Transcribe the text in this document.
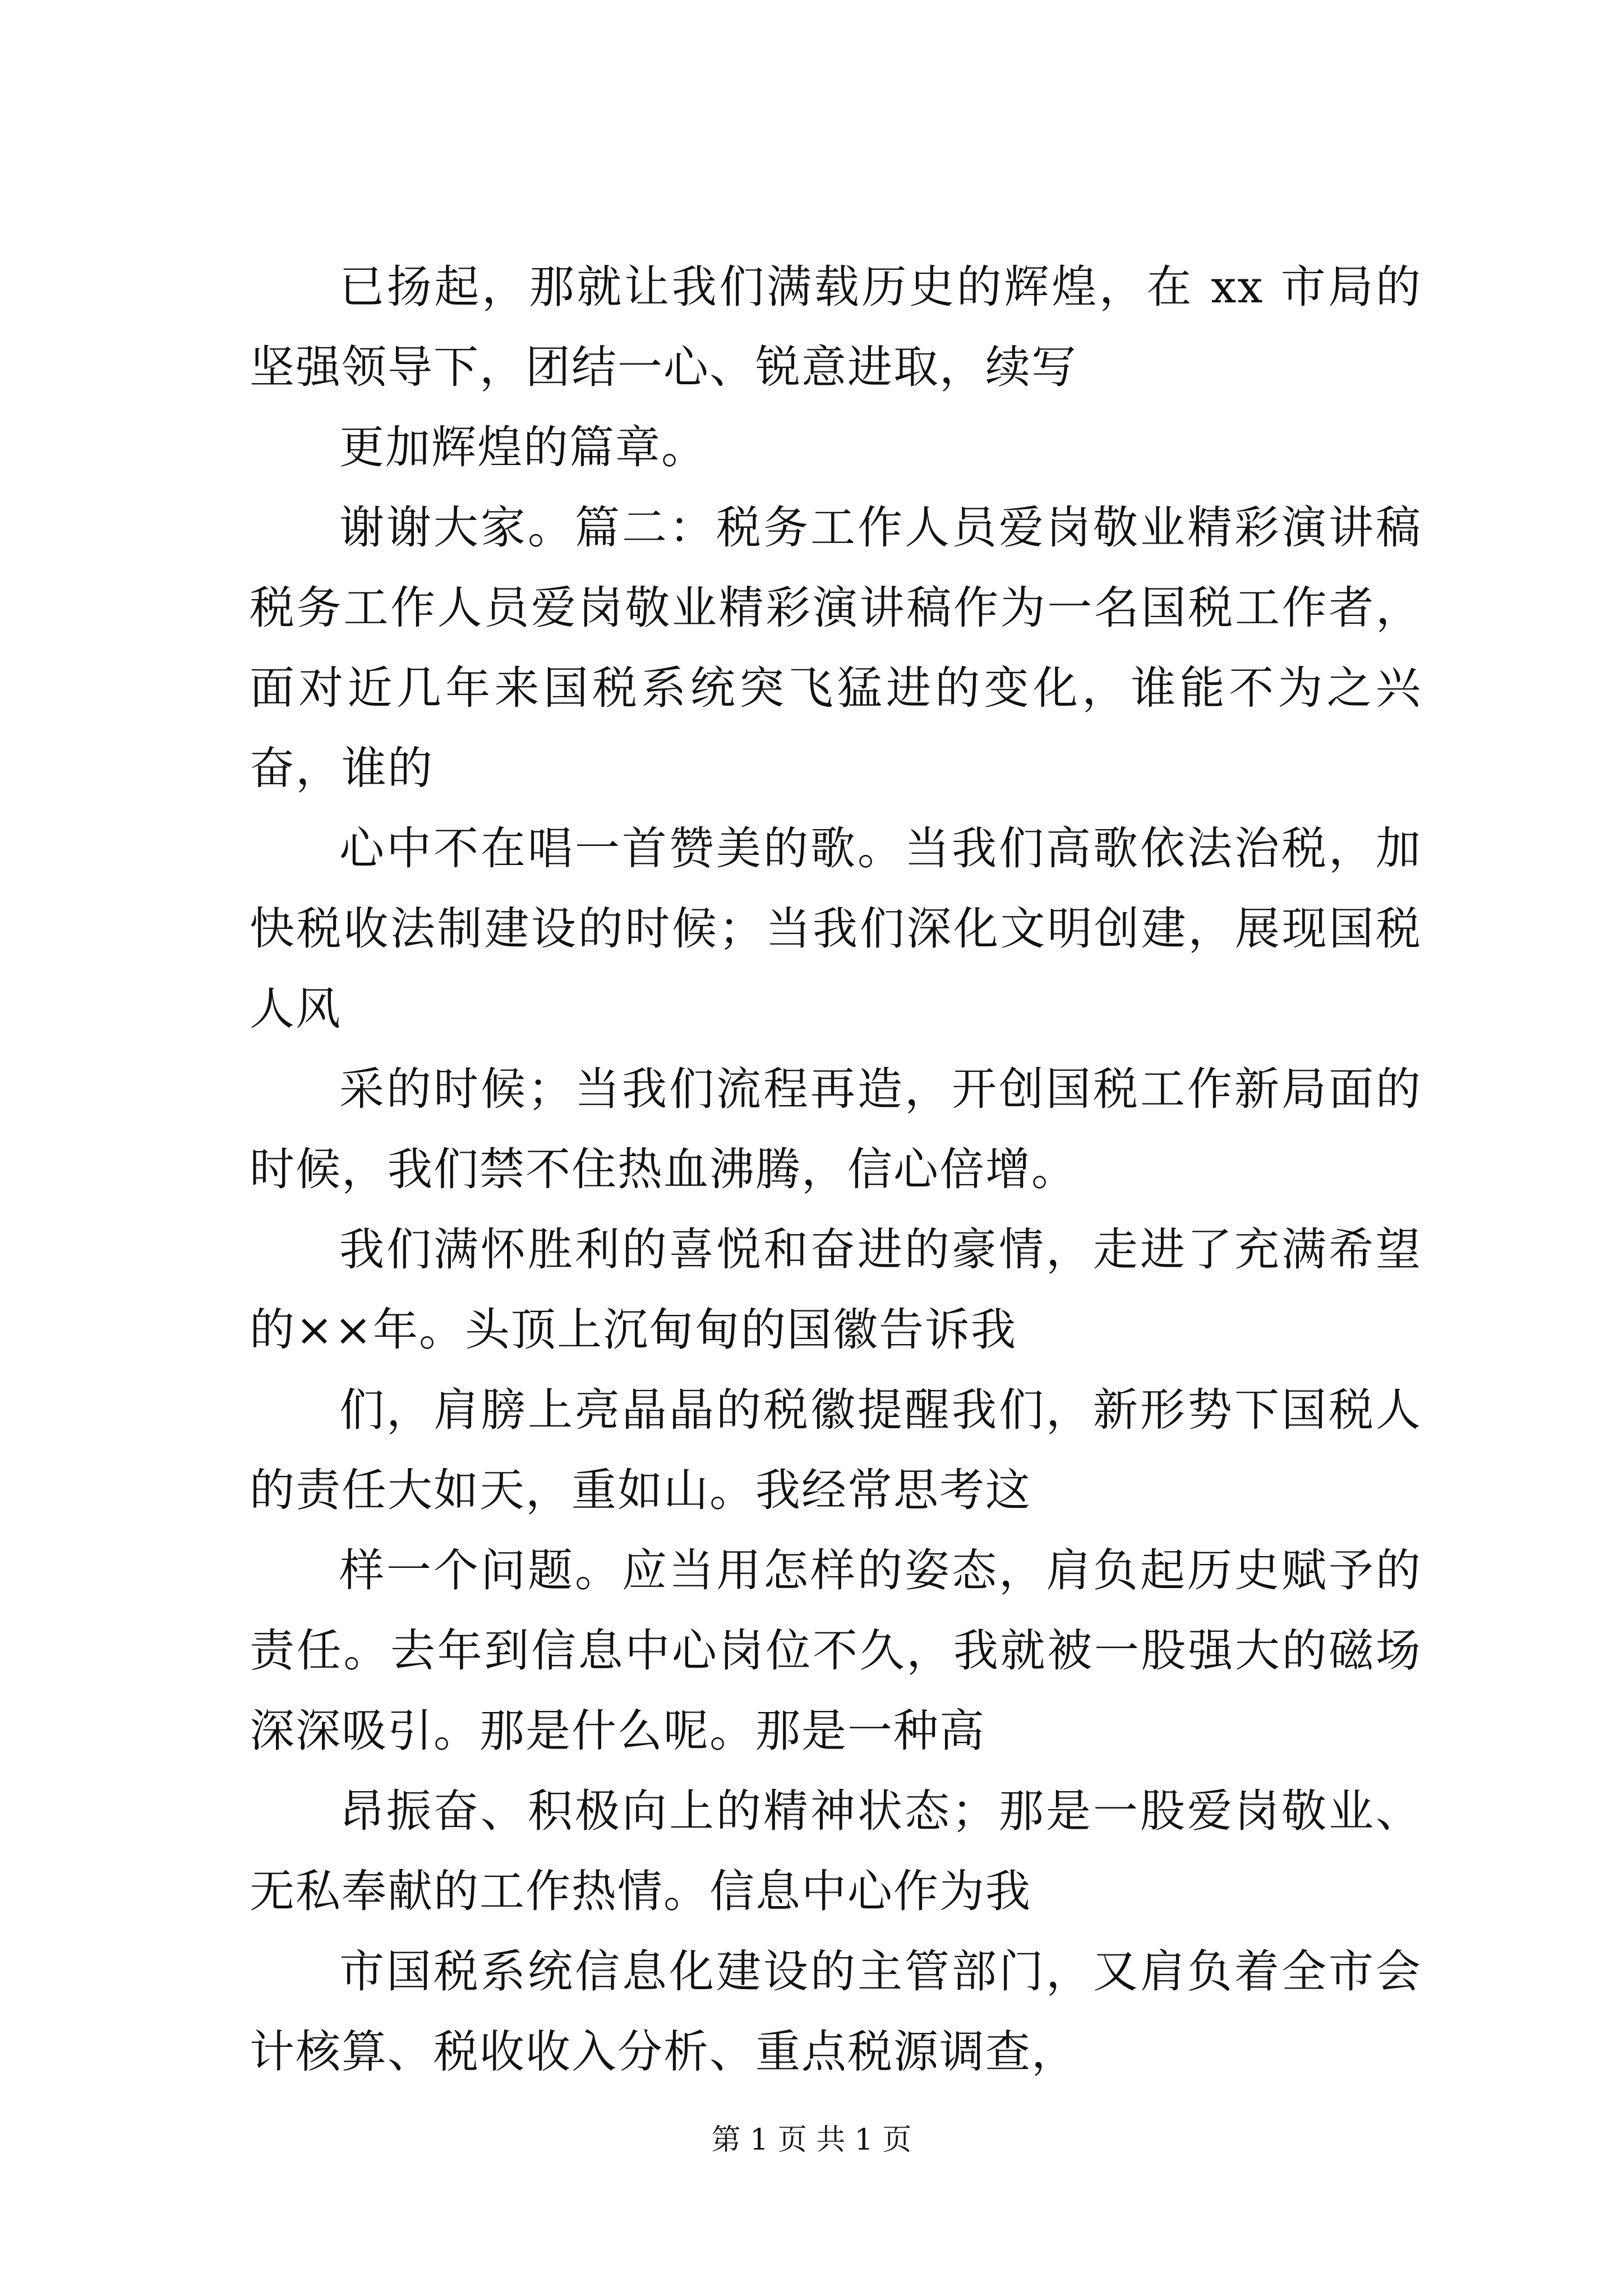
已扬起，那就让我们满载历史的辉煌，在 xx 市局的坚强领导下，团结一心、锐意进取，续写

更加辉煌的篇章。

谢谢大家。篇二：税务工作人员爱岗敬业精彩演讲稿税务工作人员爱岗敬业精彩演讲稿作为一名国税工作者，面对近几年来国税系统突飞猛进的变化，谁能不为之兴奋，谁的

心中不在唱一首赞美的歌。当我们高歌依法治税，加快税收法制建设的时候；当我们深化文明创建，展现国税人风

采的时候；当我们流程再造，开创国税工作新局面的时候，我们禁不住热血沸腾，信心倍增。

我们满怀胜利的喜悦和奋进的豪情，走进了充满希望的××年。头顶上沉甸甸的国徽告诉我

们，肩膀上亮晶晶的税徽提醒我们，新形势下国税人的责任大如天，重如山。我经常思考这

样一个问题。应当用怎样的姿态，肩负起历史赋予的责任。去年到信息中心岗位不久，我就被一股强大的磁场深深吸引。那是什么呢。那是一种高

昂振奋、积极向上的精神状态；那是一股爱岗敬业、无私奉献的工作热情。信息中心作为我

市国税系统信息化建设的主管部门，又肩负着全市会计核算、税收收入分析、重点税源调查，

第 1 页 共 1 页
